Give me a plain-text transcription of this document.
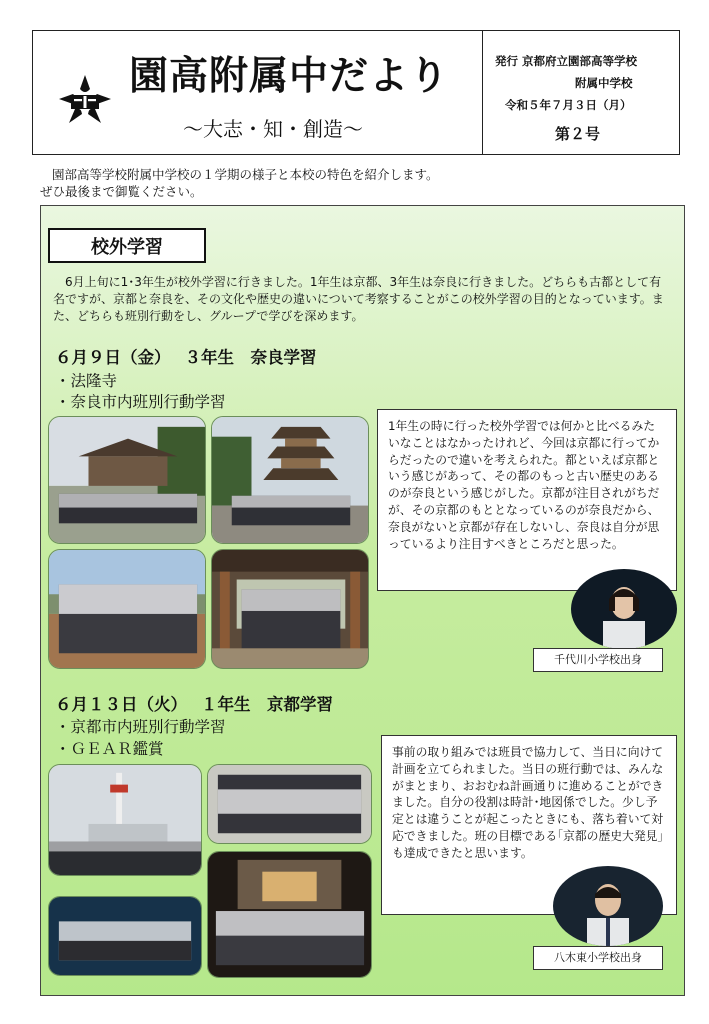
園高附属中だより
～大志・知・創造～
発行 京都府立園部高等学校
附属中学校
令和５年７月３日（月）
第２号
園部高等学校附属中学校の１学期の様子と本校の特色を紹介します。
ぜひ最後まで御覧ください。
校外学習
6月上旬に1･3年生が校外学習に行きました。1年生は京都、3年生は奈良に行きました。どちらも古都として有名ですが、京都と奈良を、その文化や歴史の違いについて考察することがこの校外学習の目的となっています。また、どちらも班別行動をし、グループで学びを深めます。
６月９日（金）　 ３年生　奈良学習
・法隆寺
・奈良市内班別行動学習
1年生の時に行った校外学習では何かと比べるみたいなことはなかったけれど、今回は京都に行ってからだったので違いを考えられた。都といえば京都という感じがあって、その都のもっと古い歴史のあるのが奈良という感じがした。京都が注目されがちだが、その京都のもととなっているのが奈良だから、奈良がないと京都が存在しないし、奈良は自分が思っているより注目すべきところだと思った。
千代川小学校出身
６月１３日（火）　 １年生　京都学習
・京都市内班別行動学習
・ＧＥＡＲ鑑賞	事前の取り組みでは班員で協力して、当日に向けて計画を立てられました。当日の班行動では、みんながまとまり、おおむね計画通りに進めることができました。自分の役割は時計･地図係でした。少し予定とは違うことが起こったときにも、落ち着いて対応できました。班の目標である｢京都の歴史大発見｣も達成できたと思います。
八木東小学校出身
